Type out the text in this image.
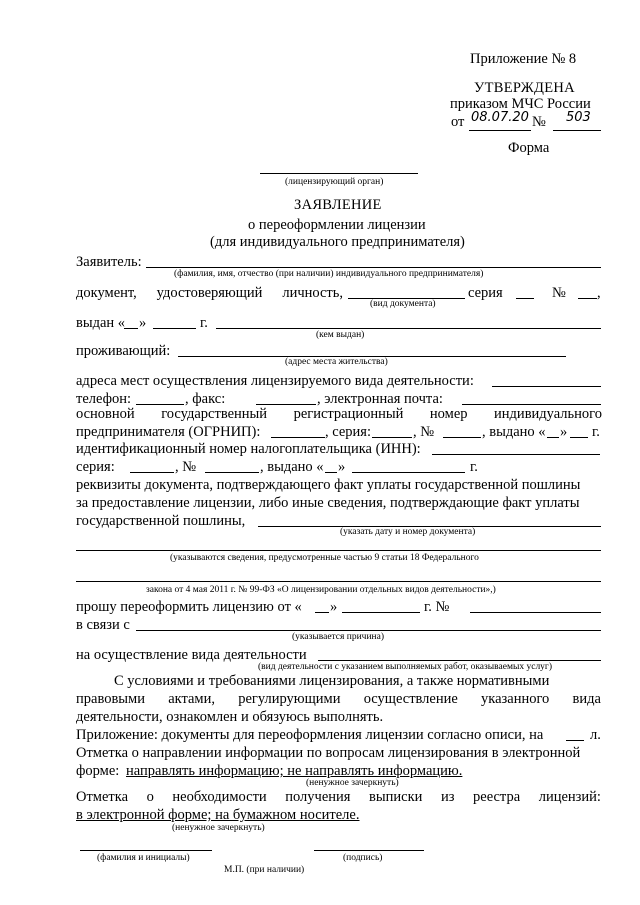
Приложение № 8
УТВЕРЖДЕНА
приказом МЧС России
от 08.07.20 № 503
Форма
(лицензирующий орган)
ЗАЯВЛЕНИЕ
о переоформлении лицензии
(для индивидуального предпринимателя)
Заявитель:
(фамилия, имя, отчество (при наличии) индивидуального предпринимателя)
документ, удостоверяющий личность,	серия	№ ,
(вид документа)
выдан « »	г.
(кем выдан)
проживающий:
(адрес места жительства)
адреса мест осуществления лицензируемого вида деятельности:
телефон:	, факс:	, электронная почта:
основной государственный регистрационный номер индивидуального
предпринимателя (ОГРНИП):	, серия:	, №	, выдано « » г.
идентификационный номер налогоплательщика (ИНН):
серия:	, №	, выдано « »	г.
реквизиты документа, подтверждающего факт уплаты государственной пошлины
за предоставление лицензии, либо иные сведения, подтверждающие факт уплаты
государственной пошлины,
(указать дату и номер документа)
(указываются сведения, предусмотренные частью 9 статьи 18 Федерального
закона от 4 мая 2011 г. № 99-ФЗ «О лицензировании отдельных видов деятельности»,)
прошу переоформить лицензию от « »	г. №
в связи с
(указывается причина)
на осуществление вида деятельности
(вид деятельности с указанием выполняемых работ, оказываемых услуг)
С условиями и требованиями лицензирования, а также нормативными
правовыми актами, регулирующими осуществление указанного вида
деятельности, ознакомлен и обязуюсь выполнять.
Приложение: документы для переоформления лицензии согласно описи, на	л.
Отметка о направлении информации по вопросам лицензирования в электронной
форме: направлять информацию; не направлять информацию.
(ненужное зачеркнуть)
Отметка о необходимости получения выписки из реестра лицензий:
в электронной форме; на бумажном носителе.
(ненужное зачеркнуть)
(фамилия и инициалы)	(подпись)
М.П. (при наличии)
